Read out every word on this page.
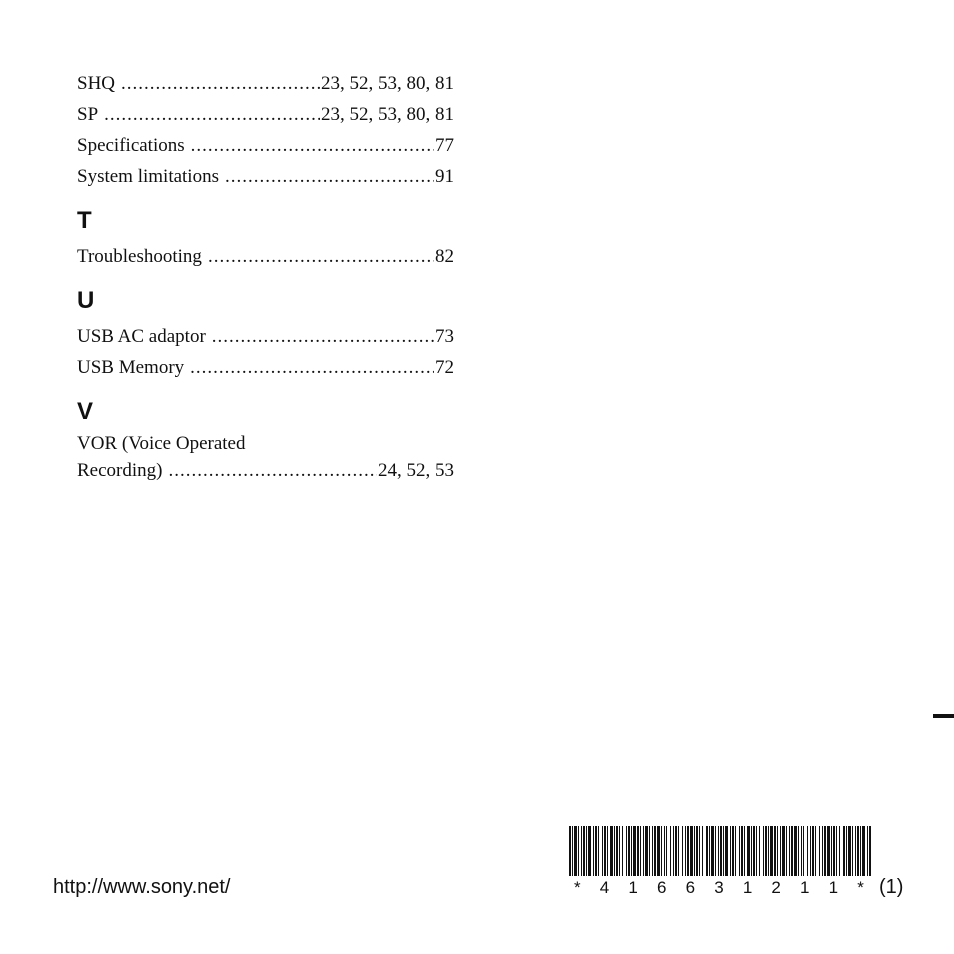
SHQ .....	23, 52, 53, 80, 81
SP .....	23, 52, 53, 80, 81
Specifications .....	77
System limitations .....	91
T
Troubleshooting .....	82
U
USB AC adaptor .....	73
USB Memory .....	72
V
VOR (Voice Operated
Recording) .....	24, 52, 53
http://www.sony.net/	* 4 1 6 6 3 1 2 1 1 * (1)
